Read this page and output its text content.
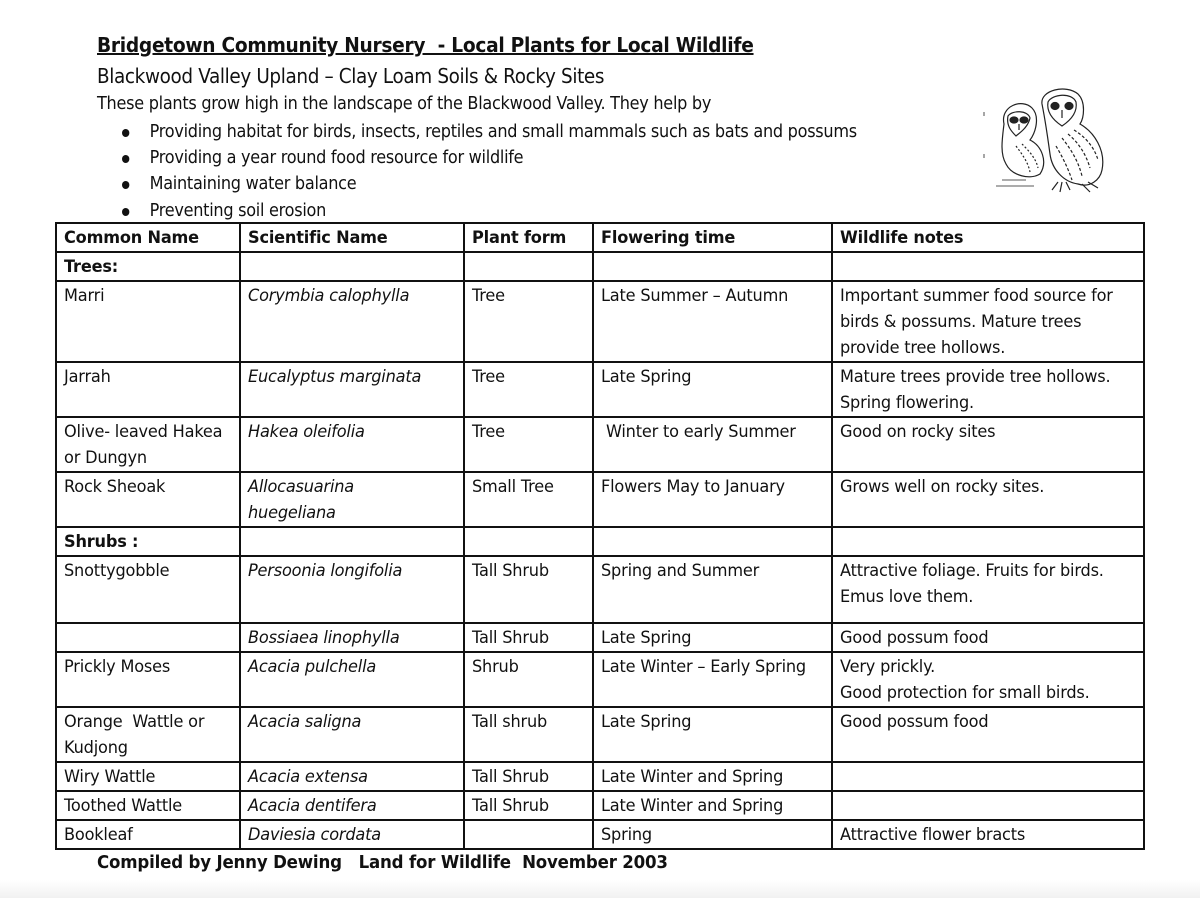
Bridgetown Community Nursery  - Local Plants for Local Wildlife
Blackwood Valley Upland – Clay Loam Soils & Rocky Sites
These plants grow high in the landscape of the Blackwood Valley. They help by
Providing habitat for birds, insects, reptiles and small mammals such as bats and possums
Providing a year round food resource for wildlife
Maintaining water balance
Preventing soil erosion
Common Name	Scientific Name	Plant form	Flowering time	Wildlife notes
Trees:				
Marri	Corymbia calophylla	Tree	Late Summer – Autumn	Important summer food source for birds & possums. Mature trees provide tree hollows.
Jarrah	Eucalyptus marginata	Tree	Late Spring	Mature trees provide tree hollows. Spring flowering.
Olive- leaved Hakea or Dungyn	Hakea oleifolia	Tree	Winter to early Summer	Good on rocky sites
Rock Sheoak	Allocasuarina huegeliana	Small Tree	Flowers May to January	Grows well on rocky sites.
Shrubs :				
Snottygobble	Persoonia longifolia	Tall Shrub	Spring and Summer	Attractive foliage. Fruits for birds. Emus love them.
	Bossiaea linophylla	Tall Shrub	Late Spring	Good possum food
Prickly Moses	Acacia pulchella	Shrub	Late Winter – Early Spring	Very prickly.
Good protection for small birds.
Orange  Wattle or Kudjong	Acacia saligna	Tall shrub	Late Spring	Good possum food
Wiry Wattle	Acacia extensa	Tall Shrub	Late Winter and Spring	
Toothed Wattle	Acacia dentifera	Tall Shrub	Late Winter and Spring	
Bookleaf	Daviesia cordata		Spring	Attractive flower bracts
Compiled by Jenny Dewing   Land for Wildlife  November 2003
